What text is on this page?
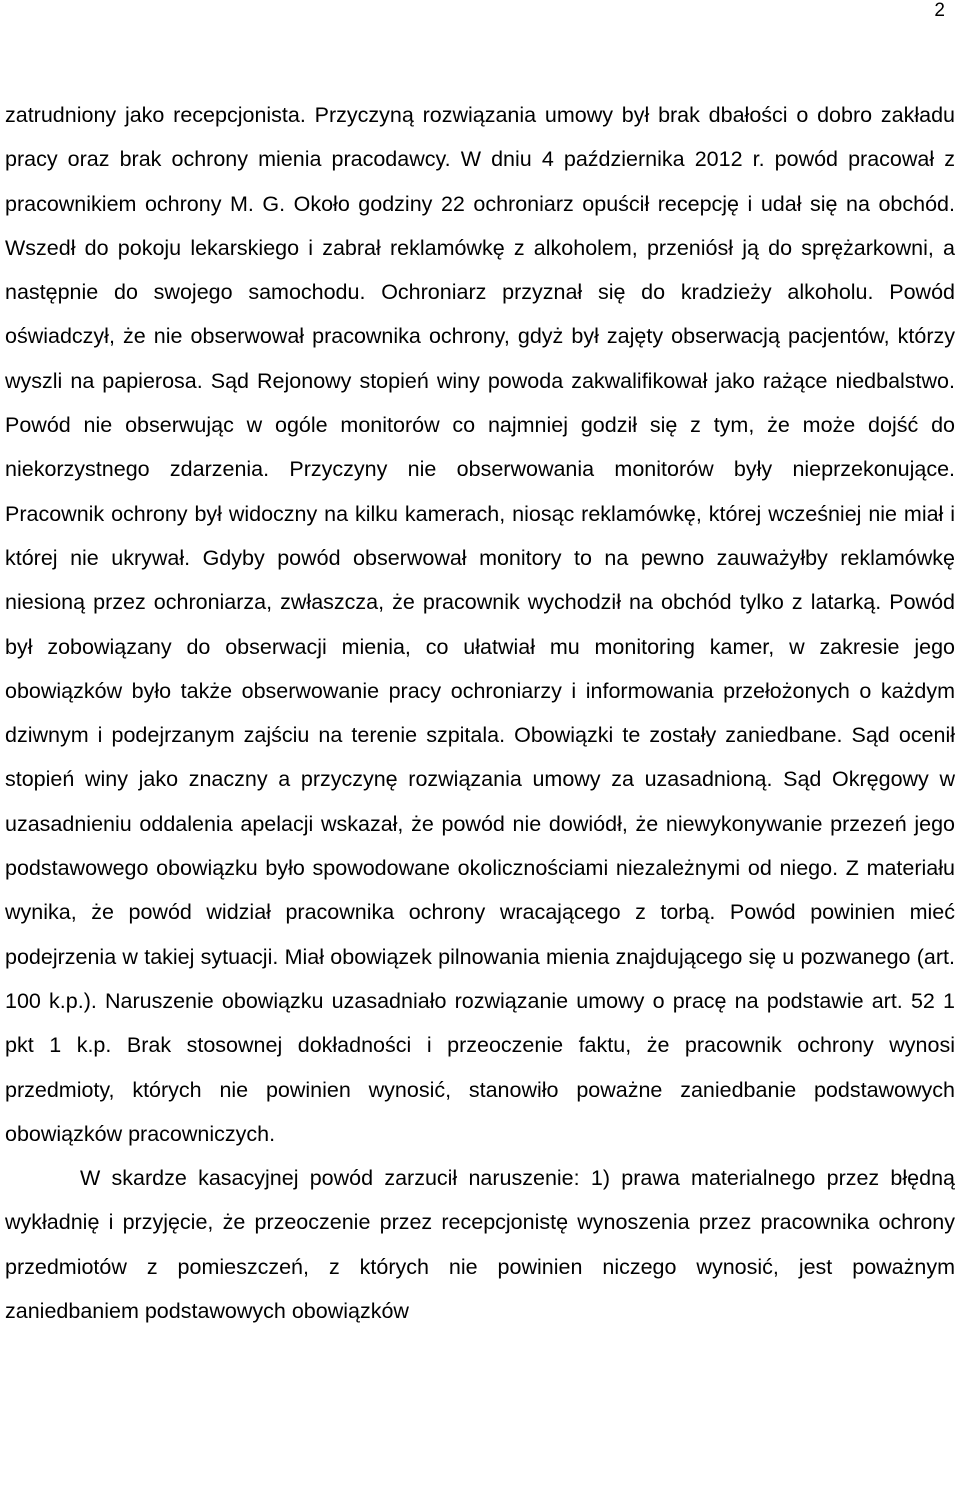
2

zatrudniony jako recepcjonista. Przyczyną rozwiązania umowy był brak dbałości o dobro zakładu pracy oraz brak ochrony mienia pracodawcy. W dniu 4 października 2012 r. powód pracował z pracownikiem ochrony M. G. Około godziny 22 ochroniarz opuścił recepcję i udał się na obchód. Wszedł do pokoju lekarskiego i zabrał reklamówkę z alkoholem, przeniósł ją do sprężarkowni, a następnie do swojego samochodu. Ochroniarz przyznał się do kradzieży alkoholu. Powód oświadczył, że nie obserwował pracownika ochrony, gdyż był zajęty obserwacją pacjentów, którzy wyszli na papierosa. Sąd Rejonowy stopień winy powoda zakwalifikował jako rażące niedbalstwo. Powód nie obserwując w ogóle monitorów co najmniej godził się z tym, że może dojść do niekorzystnego zdarzenia. Przyczyny nie obserwowania monitorów były nieprzekonujące. Pracownik ochrony był widoczny na kilku kamerach, niosąc reklamówkę, której wcześniej nie miał i której nie ukrywał. Gdyby powód obserwował monitory to na pewno zauważyłby reklamówkę niesioną przez ochroniarza, zwłaszcza, że pracownik wychodził na obchód tylko z latarką. Powód był zobowiązany do obserwacji mienia, co ułatwiał mu monitoring kamer, w zakresie jego obowiązków było także obserwowanie pracy ochroniarzy i informowania przełożonych o każdym dziwnym i podejrzanym zajściu na terenie szpitala. Obowiązki te zostały zaniedbane. Sąd ocenił stopień winy jako znaczny a przyczynę rozwiązania umowy za uzasadnioną. Sąd Okręgowy w uzasadnieniu oddalenia apelacji wskazał, że powód nie dowiódł, że niewykonywanie przezeń jego podstawowego obowiązku było spowodowane okolicznościami niezależnymi od niego. Z materiału wynika, że powód widział pracownika ochrony wracającego z torbą. Powód powinien mieć podejrzenia w takiej sytuacji. Miał obowiązek pilnowania mienia znajdującego się u pozwanego (art. 100 k.p.). Naruszenie obowiązku uzasadniało rozwiązanie umowy o pracę na podstawie art. 52 1 pkt 1 k.p. Brak stosownej dokładności i przeoczenie faktu, że pracownik ochrony wynosi przedmioty, których nie powinien wynosić, stanowiło poważne zaniedbanie podstawowych obowiązków pracowniczych.

W skardze kasacyjnej powód zarzucił naruszenie: 1) prawa materialnego przez błędną wykładnię i przyjęcie, że przeoczenie przez recepcjonistę wynoszenia przez pracownika ochrony przedmiotów z pomieszczeń, z których nie powinien niczego wynosić, jest poważnym zaniedbaniem podstawowych obowiązków
